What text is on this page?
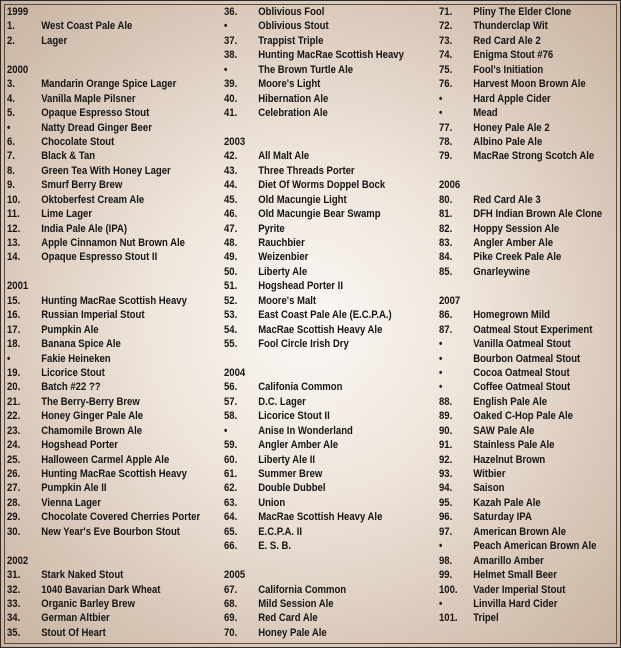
1999
1. West Coast Pale Ale
2. Lager
2000
3. Mandarin Orange Spice Lager
4. Vanilla Maple Pilsner
5. Opaque Espresso Stout
•	Natty Dread Ginger Beer
6. Chocolate Stout
7. Black & Tan
8. Green Tea With Honey Lager
9. Smurf Berry Brew
10. Oktoberfest Cream Ale
11. Lime Lager
12. India Pale Ale (IPA)
13. Apple Cinnamon Nut Brown Ale
14. Opaque Espresso Stout II
2001
15. Hunting MacRae Scottish Heavy
16. Russian Imperial Stout
17. Pumpkin Ale
18. Banana Spice Ale
•	Fakie Heineken
19. Licorice Stout
20. Batch #22 ??
21. The Berry-Berry Brew
22. Honey Ginger Pale Ale
23. Chamomile Brown Ale
24. Hogshead Porter
25. Halloween Carmel Apple Ale
26. Hunting MacRae Scottish Heavy
27. Pumpkin Ale II
28. Vienna Lager
29. Chocolate Covered Cherries Porter
30. New Year's Eve Bourbon Stout
2002
31. Stark Naked Stout
32. 1040 Bavarian Dark Wheat
33. Organic Barley Brew
34. German Altbier
35. Stout Of Heart
36. Oblivious Fool
•	Oblivious Stout
37. Trappist Triple
38. Hunting MacRae Scottish Heavy
•	The Brown Turtle Ale
39. Moore's Light
40. Hibernation Ale
41. Celebration Ale
2003
42. All Malt Ale
43. Three Threads Porter
44. Diet Of Worms Doppel Bock
45. Old Macungie Light
46. Old Macungie Bear Swamp
47. Pyrite
48. Rauchbier
49. Weizenbier
50. Liberty Ale
51. Hogshead Porter II
52. Moore's Malt
53. East Coast Pale Ale (E.C.P.A.)
54. MacRae Scottish Heavy Ale
55. Fool Circle Irish Dry
2004
56. Califonia Common
57. D.C. Lager
58. Licorice Stout II
•	Anise In Wonderland
59. Angler Amber Ale
60. Liberty Ale II
61. Summer Brew
62. Double Dubbel
63. Union
64. MacRae Scottish Heavy Ale
65. E.C.P.A. II
66. E. S. B.
2005
67. California Common
68. Mild Session Ale
69. Red Card Ale
70. Honey Pale Ale
71. Pliny The Elder Clone
72. Thunderclap Wit
73. Red Card Ale 2
74. Enigma Stout #76
75. Fool's Initiation
76. Harvest Moon Brown Ale
•	Hard Apple Cider
•	Mead
77. Honey Pale Ale 2
78. Albino Pale Ale
79. MacRae Strong Scotch Ale
2006
80. Red Card Ale 3
81. DFH Indian Brown Ale Clone
82. Hoppy Session Ale
83. Angler Amber Ale
84. Pike Creek Pale Ale
85. Gnarleywine
2007
86. Homegrown Mild
87. Oatmeal Stout Experiment
•	Vanilla Oatmeal Stout
•	Bourbon Oatmeal Stout
•	Cocoa Oatmeal Stout
•	Coffee Oatmeal Stout
88. English Pale Ale
89. Oaked C-Hop Pale Ale
90. SAW Pale Ale
91. Stainless Pale Ale
92. Hazelnut Brown
93. Witbier
94. Saison
95. Kazah Pale Ale
96. Saturday IPA
97. American Brown Ale
•	Peach American Brown Ale
98. Amarillo Amber
99. Helmet Small Beer
100. Vader Imperial Stout
•	Linvilla Hard Cider
101. Tripel
